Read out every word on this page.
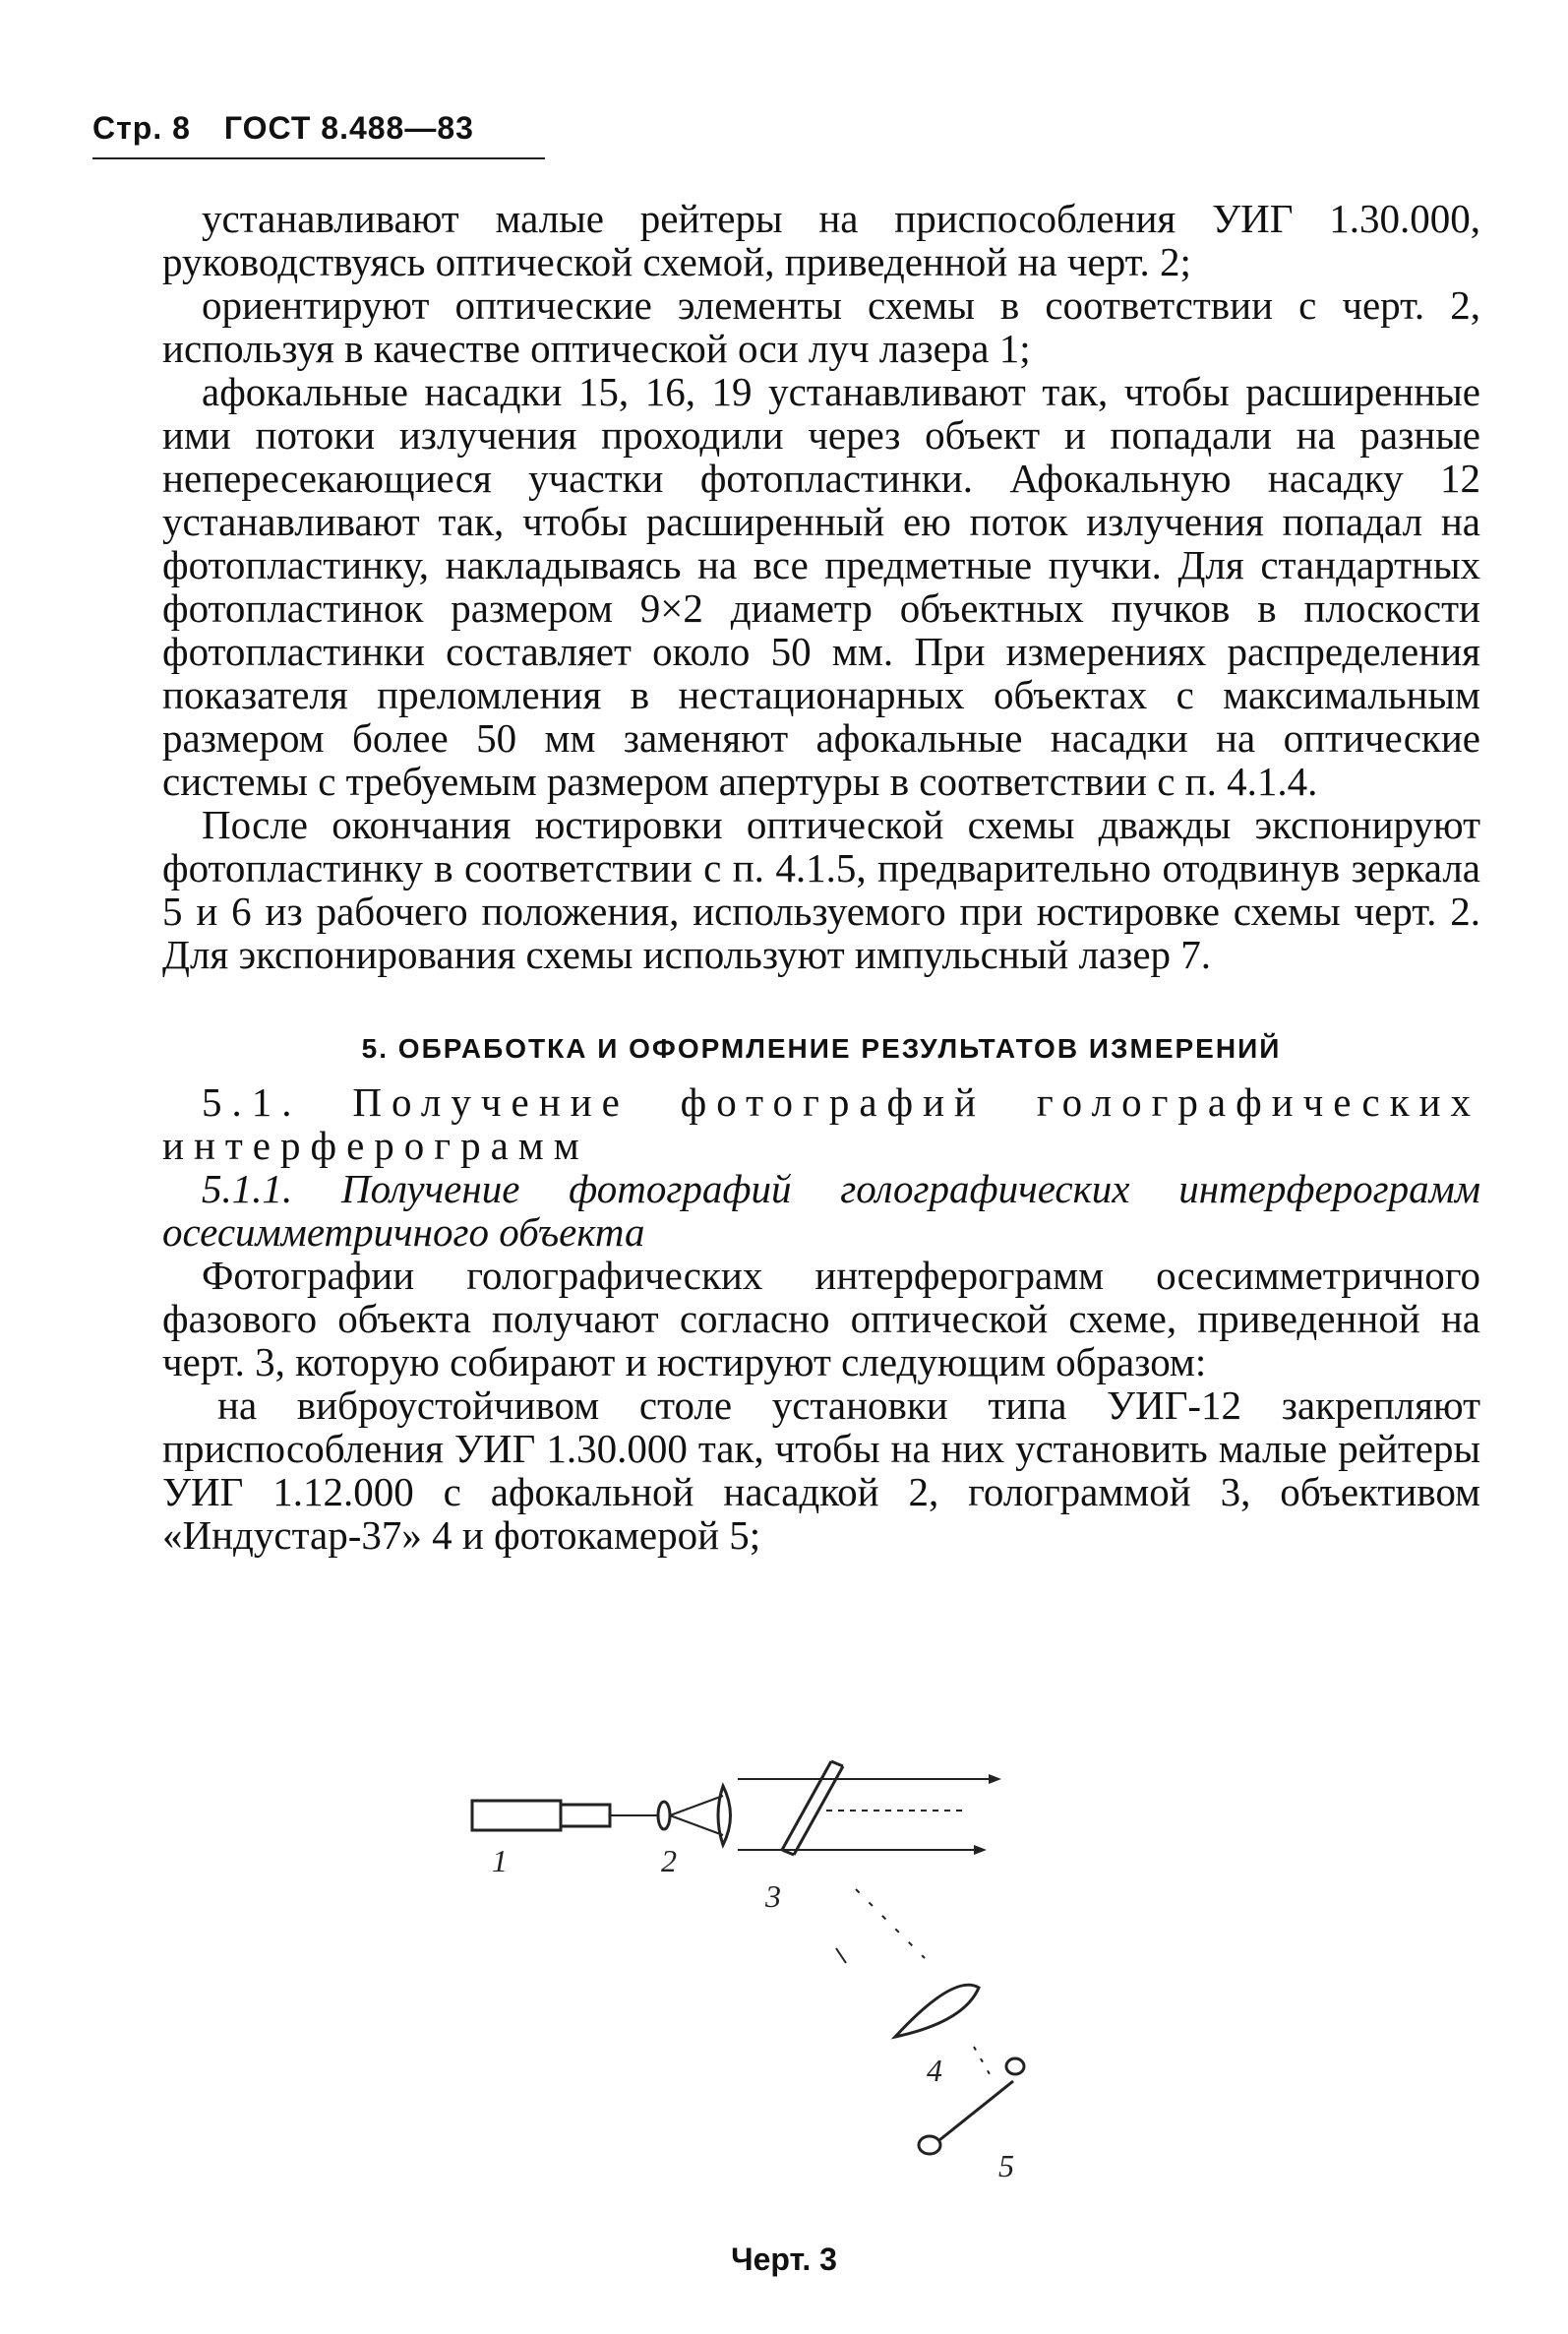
Стр. 8 ГОСТ 8.488—83

устанавливают малые рейтеры на приспособления УИГ 1.30.000, руководствуясь оптической схемой, приведенной на черт. 2;

ориентируют оптические элементы схемы в соответствии с черт. 2, используя в качестве оптической оси луч лазера 1;

афокальные насадки 15, 16, 19 устанавливают так, чтобы расширенные ими потоки излучения проходили через объект и попадали на разные непересекающиеся участки фотопластинки. Афокальную насадку 12 устанавливают так, чтобы расширенный ею поток излучения попадал на фотопластинку, накладываясь на все предметные пучки. Для стандартных фотопластинок размером 9×2 диаметр объектных пучков в плоскости фотопластинки составляет около 50 мм. При измерениях распределения показателя преломления в нестационарных объектах с максимальным размером более 50 мм заменяют афокальные насадки на оптические системы с требуемым размером апертуры в соответствии с п. 4.1.4.

После окончания юстировки оптической схемы дважды экспонируют фотопластинку в соответствии с п. 4.1.5, предварительно отодвинув зеркала 5 и 6 из рабочего положения, используемого при юстировке схемы черт. 2. Для экспонирования схемы используют импульсный лазер 7.

5. ОБРАБОТКА И ОФОРМЛЕНИЕ РЕЗУЛЬТАТОВ ИЗМЕРЕНИЙ

5.1. Получение фотографий голографических интерферограмм

5.1.1. Получение фотографий голографических интерферограмм осесимметричного объекта

Фотографии голографических интерферограмм осесимметричного фазового объекта получают согласно оптической схеме, приведенной на черт. 3, которую собирают и юстируют следующим образом:

на виброустойчивом столе установки типа УИГ-12 закрепляют приспособления УИГ 1.30.000 так, чтобы на них установить малые рейтеры УИГ 1.12.000 с афокальной насадкой 2, голограммой 3, объективом «Индустар-37» 4 и фотокамерой 5;

1	2
3
4
5
Черт. 3
